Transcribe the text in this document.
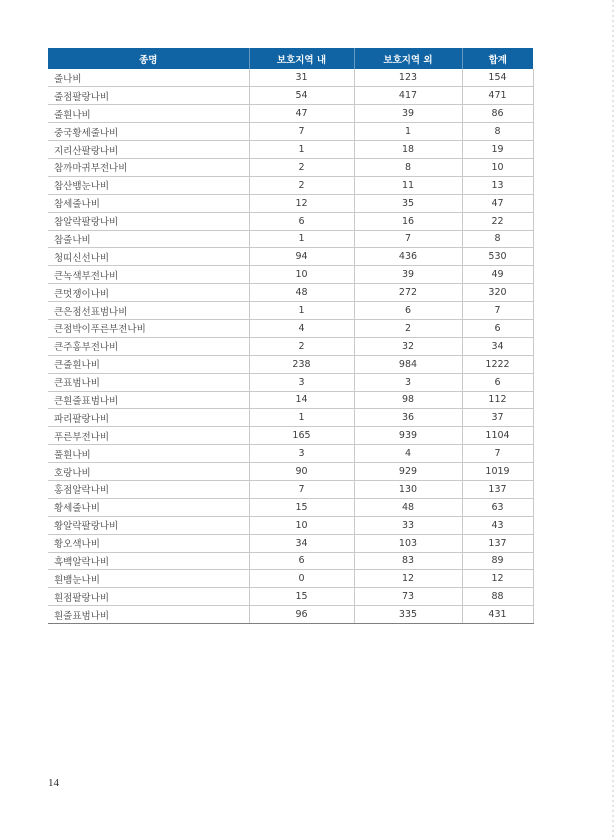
종명	보호지역 내	보호지역 외	합계
줄나비	31	123	154
줄점팔랑나비	54	417	471
줄흰나비	47	39	86
중국황세줄나비	7	1	8
지리산팔랑나비	1	18	19
참까마귀부전나비	2	8	10
참산뱀눈나비	2	11	13
참세줄나비	12	35	47
참알락팔랑나비	6	16	22
참줄나비	1	7	8
청띠신선나비	94	436	530
큰녹색부전나비	10	39	49
큰멋쟁이나비	48	272	320
큰은점선표범나비	1	6	7
큰점박이푸른부전나비	4	2	6
큰주홍부전나비	2	32	34
큰줄흰나비	238	984	1222
큰표범나비	3	3	6
큰흰줄표범나비	14	98	112
파리팔랑나비	1	36	37
푸른부전나비	165	939	1104
풀흰나비	3	4	7
호랑나비	90	929	1019
홍점알락나비	7	130	137
황세줄나비	15	48	63
황알락팔랑나비	10	33	43
황오색나비	34	103	137
흑백알락나비	6	83	89
흰뱀눈나비	0	12	12
흰점팔랑나비	15	73	88
흰줄표범나비	96	335	431
14
